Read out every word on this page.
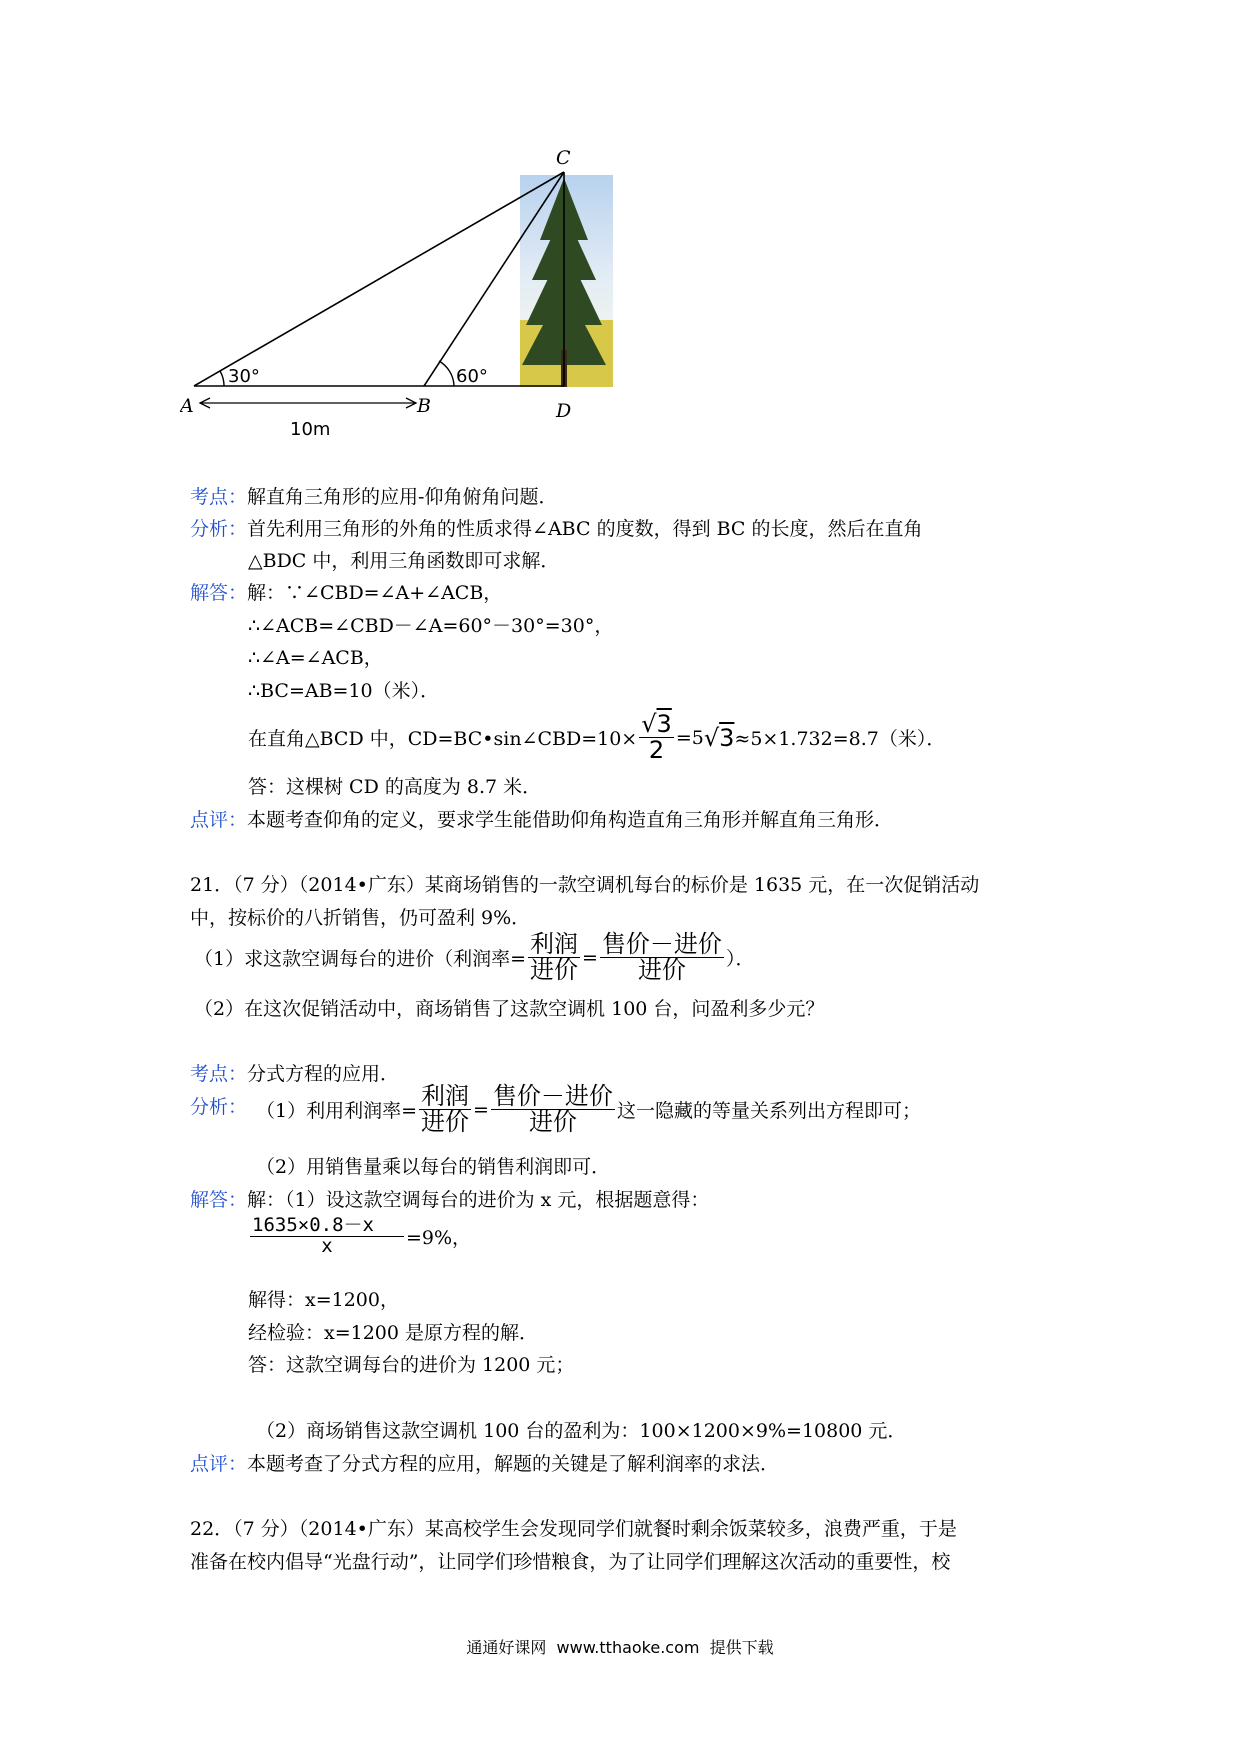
C
A	B	D
30°	60°
10m
考点：解直角三角形的应用-仰角俯角问题．
分析：首先利用三角形的外角的性质求得∠ABC 的度数，得到 BC 的长度，然后在直角
△BDC 中，利用三角函数即可求解．
解答：解：∵∠CBD=∠A+∠ACB，
∴∠ACB=∠CBD－∠A=60°－30°=30°，
∴∠A=∠ACB，
∴BC=AB=10（米）．
在直角△BCD 中，CD=BC•sin∠CBD=10× $\frac{√3}{2} =5$ √3 ≈5×1.732=8.7（米）．
答：这棵树 CD 的高度为 8.7 米．
点评：本题考查仰角的定义，要求学生能借助仰角构造直角三角形并解直角三角形．
21．（7 分）（2014•广东）某商场销售的一款空调机每台的标价是 1635 元，在一次促销活动
中，按标价的八折销售，仍可盈利 9%．
（1）求这款空调每台的进价（利润率= $\frac{\text{利润}}{\text{进价}} = \frac{\text{售价－进价}}{\text{进价}}$ ）．
（2）在这次促销活动中，商场销售了这款空调机 100 台，问盈利多少元？
考点：分式方程的应用．
分析： （1）利用利润率= $\frac{\text{利润}}{\text{进价}} = \frac{\text{售价－进价}}{\text{进价}}$ 这一隐藏的等量关系列出方程即可；
（2）用销售量乘以每台的销售利润即可．
解答：解：（1）设这款空调每台的进价为 x 元，根据题意得：
$\frac{1635\times 0.8-x}{x} =9\%$，
解得：x=1200，
经检验：x=1200 是原方程的解．
答：这款空调每台的进价为 1200 元；
（2）商场销售这款空调机 100 台的盈利为：100×1200×9%=10800 元．
点评：本题考查了分式方程的应用，解题的关键是了解利润率的求法．
22．（7 分）（2014•广东）某高校学生会发现同学们就餐时剩余饭菜较多，浪费严重，于是
准备在校内倡导“光盘行动”，让同学们珍惜粮食，为了让同学们理解这次活动的重要性，校
通通好课网  www.tthaoke.com  提供下载
